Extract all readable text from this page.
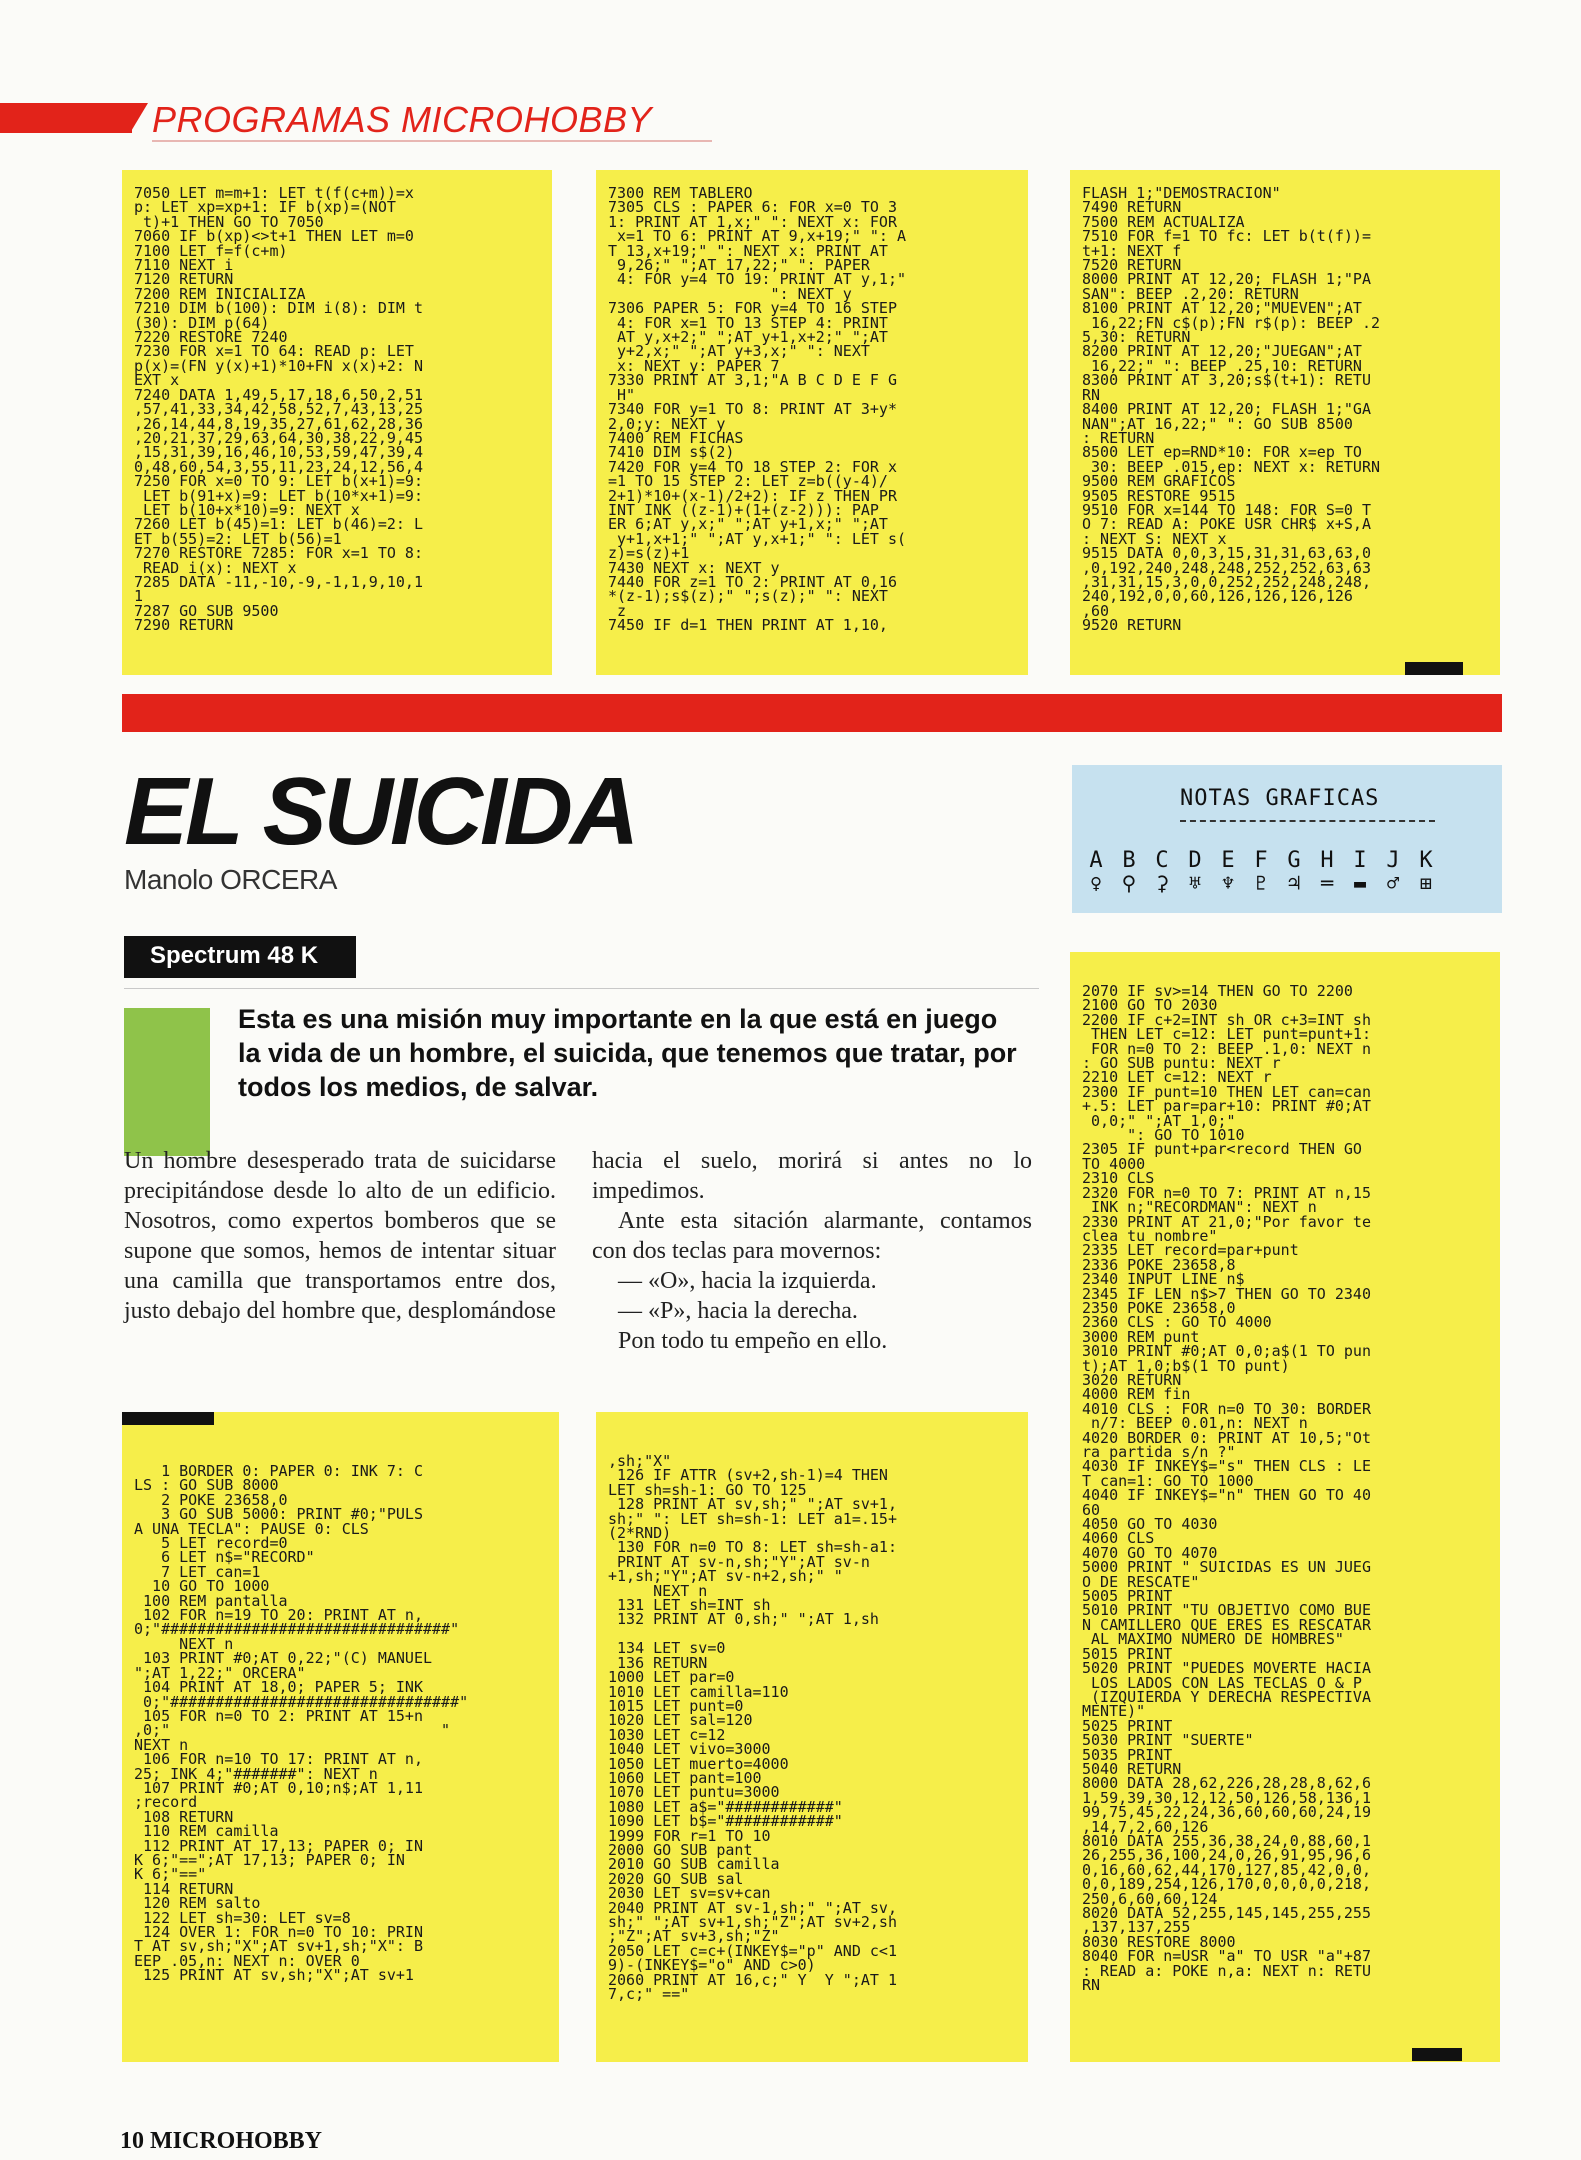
PROGRAMAS MICROHOBBY
7050 LET m=m+1: LET t(f(c+m))=x
p: LET xp=xp+1: IF b(xp)=(NOT
t)+1 THEN GO TO 7050
7060 IF b(xp)<>t+1 THEN LET m=0
7100 LET f=f(c+m)
7110 NEXT i
7120 RETURN
7200 REM INICIALIZA
7210 DIM b(100): DIM i(8): DIM t
(30): DIM p(64)
7220 RESTORE 7240
7230 FOR x=1 TO 64: READ p: LET
p(x)=(FN y(x)+1)*10+FN x(x)+2: N
EXT x
7240 DATA 1,49,5,17,18,6,50,2,51
,57,41,33,34,42,58,52,7,43,13,25
,26,14,44,8,19,35,27,61,62,28,36
,20,21,37,29,63,64,30,38,22,9,45
,15,31,39,16,46,10,53,59,47,39,4
0,48,60,54,3,55,11,23,24,12,56,4
7250 FOR x=0 TO 9: LET b(x+1)=9:
LET b(91+x)=9: LET b(10*x+1)=9:
LET b(10+x*10)=9: NEXT x
7260 LET b(45)=1: LET b(46)=2: L
ET b(55)=2: LET b(56)=1
7270 RESTORE 7285: FOR x=1 TO 8:
READ i(x): NEXT x
7285 DATA -11,-10,-9,-1,1,9,10,1
1
7287 GO SUB 9500
7290 RETURN
7300 REM TABLERO
7305 CLS : PAPER 6: FOR x=0 TO 3
1: PRINT AT 1,x;" ": NEXT x: FOR
x=1 TO 6: PRINT AT 9,x+19;" ": A
T 13,x+19;" ": NEXT x: PRINT AT
9,26;" ";AT 17,22;" ": PAPER
4: FOR y=4 TO 19: PRINT AT y,1;"
": NEXT y
7306 PAPER 5: FOR y=4 TO 16 STEP
4: FOR x=1 TO 13 STEP 4: PRINT
AT y,x+2;" ";AT y+1,x+2;" ";AT
y+2,x;" ";AT y+3,x;" ": NEXT
x: NEXT y: PAPER 7
7330 PRINT AT 3,1;"A B C D E F G
H"
7340 FOR y=1 TO 8: PRINT AT 3+y*
2,0;y: NEXT y
7400 REM FICHAS
7410 DIM s$(2)
7420 FOR y=4 TO 18 STEP 2: FOR x
=1 TO 15 STEP 2: LET z=b((y-4)/
2+1)*10+(x-1)/2+2): IF z THEN PR
INT INK ((z-1)+(1+(z-2))): PAP
ER 6;AT y,x;" ";AT y+1,x;" ";AT
y+1,x+1;" ";AT y,x+1;" ": LET s(
z)=s(z)+1
7430 NEXT x: NEXT y
7440 FOR z=1 TO 2: PRINT AT 0,16
*(z-1);s$(z);" ";s(z);" ": NEXT
z
7450 IF d=1 THEN PRINT AT 1,10,
FLASH 1;"DEMOSTRACION"
7490 RETURN
7500 REM ACTUALIZA
7510 FOR f=1 TO fc: LET b(t(f))=
t+1: NEXT f
7520 RETURN
8000 PRINT AT 12,20; FLASH 1;"PA
SAN": BEEP .2,20: RETURN
8100 PRINT AT 12,20;"MUEVEN";AT
16,22;FN c$(p);FN r$(p): BEEP .2
5,30: RETURN
8200 PRINT AT 12,20;"JUEGAN";AT
16,22;" ": BEEP .25,10: RETURN
8300 PRINT AT 3,20;s$(t+1): RETU
RN
8400 PRINT AT 12,20; FLASH 1;"GA
NAN";AT 16,22;" ": GO SUB 8500
: RETURN
8500 LET ep=RND*10: FOR x=ep TO
30: BEEP .015,ep: NEXT x: RETURN
9500 REM GRAFICOS
9505 RESTORE 9515
9510 FOR x=144 TO 148: FOR S=0 T
O 7: READ A: POKE USR CHR$ x+S,A
: NEXT S: NEXT x
9515 DATA 0,0,3,15,31,31,63,63,0
,0,192,240,248,248,252,252,63,63
,31,31,15,3,0,0,252,252,248,248,
240,192,0,0,60,126,126,126,126
,60
9520 RETURN
EL SUICIDA
Manolo ORCERA
NOTAS GRAFICAS
A
♀
B
⚲
C
⚳
D
♅
E
♆
F
♇
G
♃
H
═
I
▬
J
♂
K
⊞
Spectrum 48 K
Esta es una misión muy importante en la que está en juego la vida de un hombre, el suicida, que tenemos que tratar, por todos los medios, de salvar.
Un hombre desesperado trata de suicidarse precipitándose desde lo alto de un edificio. Nosotros, como expertos bomberos que se supone que somos, hemos de intentar situar una camilla que transportamos entre dos, justo debajo del hombre que, desplomándose

hacia el suelo, morirá si antes no lo impedimos.

Ante esta sitación alarmante, contamos con dos teclas para movernos:

— «O», hacia la izquierda.

— «P», hacia la derecha.

Pon todo tu empeño en ello.

1 BORDER 0: PAPER 0: INK 7: C
LS : GO SUB 8000
2 POKE 23658,0
3 GO SUB 5000: PRINT #0;"PULS
A UNA TECLA": PAUSE 0: CLS
5 LET record=0
6 LET n$="RECORD"
7 LET can=1
10 GO TO 1000
100 REM pantalla
102 FOR n=19 TO 20: PRINT AT n,
0;"################################"
NEXT n
103 PRINT #0;AT 0,22;"(C) MANUEL
";AT 1,22;" ORCERA"
104 PRINT AT 18,0; PAPER 5; INK
0;"################################"
105 FOR n=0 TO 2: PRINT AT 15+n
,0;"                              "
NEXT n
106 FOR n=10 TO 17: PRINT AT n,
25; INK 4;"#######": NEXT n
107 PRINT #0;AT 0,10;n$;AT 1,11
;record
108 RETURN
110 REM camilla
112 PRINT AT 17,13; PAPER 0; IN
K 6;"==";AT 17,13; PAPER 0; IN
K 6;"=="
114 RETURN
120 REM salto
122 LET sh=30: LET sv=8
124 OVER 1: FOR n=0 TO 10: PRIN
T AT sv,sh;"X";AT sv+1,sh;"X": B
EEP .05,n: NEXT n: OVER 0
125 PRINT AT sv,sh;"X";AT sv+1
,sh;"X"
126 IF ATTR (sv+2,sh-1)=4 THEN
LET sh=sh-1: GO TO 125
128 PRINT AT sv,sh;" ";AT sv+1,
sh;" ": LET sh=sh-1: LET a1=.15+
(2*RND)
130 FOR n=0 TO 8: LET sh=sh-a1:
PRINT AT sv-n,sh;"Y";AT sv-n
+1,sh;"Y";AT sv-n+2,sh;" "
NEXT n
131 LET sh=INT sh
132 PRINT AT 0,sh;" ";AT 1,sh

134 LET sv=0
136 RETURN
1000 LET par=0
1010 LET camilla=110
1015 LET punt=0
1020 LET sal=120
1030 LET c=12
1040 LET vivo=3000
1050 LET muerto=4000
1060 LET pant=100
1070 LET puntu=3000
1080 LET a$="############"
1090 LET b$="############"
1999 FOR r=1 TO 10
2000 GO SUB pant
2010 GO SUB camilla
2020 GO SUB sal
2030 LET sv=sv+can
2040 PRINT AT sv-1,sh;" ";AT sv,
sh;" ";AT sv+1,sh;"Z";AT sv+2,sh
;"Z";AT sv+3,sh;"Z"
2050 LET c=c+(INKEY$="p" AND c<1
9)-(INKEY$="o" AND c>0)
2060 PRINT AT 16,c;" Y  Y ";AT 1
7,c;" =="
2070 IF sv>=14 THEN GO TO 2200
2100 GO TO 2030
2200 IF c+2=INT sh OR c+3=INT sh
THEN LET c=12: LET punt=punt+1:
FOR n=0 TO 2: BEEP .1,0: NEXT n
: GO SUB puntu: NEXT r
2210 LET c=12: NEXT r
2300 IF punt=10 THEN LET can=can
+.5: LET par=par+10: PRINT #0;AT
0,0;" ";AT 1,0;"
": GO TO 1010
2305 IF punt+par<record THEN GO
TO 4000
2310 CLS
2320 FOR n=0 TO 7: PRINT AT n,15
INK n;"RECORDMAN": NEXT n
2330 PRINT AT 21,0;"Por favor te
clea tu nombre"
2335 LET record=par+punt
2336 POKE 23658,8
2340 INPUT LINE n$
2345 IF LEN n$>7 THEN GO TO 2340
2350 POKE 23658,0
2360 CLS : GO TO 4000
3000 REM punt
3010 PRINT #0;AT 0,0;a$(1 TO pun
t);AT 1,0;b$(1 TO punt)
3020 RETURN
4000 REM fin
4010 CLS : FOR n=0 TO 30: BORDER
n/7: BEEP 0.01,n: NEXT n
4020 BORDER 0: PRINT AT 10,5;"Ot
ra partida s/n ?"
4030 IF INKEY$="s" THEN CLS : LE
T can=1: GO TO 1000
4040 IF INKEY$="n" THEN GO TO 40
60
4050 GO TO 4030
4060 CLS
4070 GO TO 4070
5000 PRINT " SUICIDAS ES UN JUEG
O DE RESCATE"
5005 PRINT
5010 PRINT "TU OBJETIVO COMO BUE
N CAMILLERO QUE ERES ES RESCATAR
AL MAXIMO NUMERO DE HOMBRES"
5015 PRINT
5020 PRINT "PUEDES MOVERTE HACIA
LOS LADOS CON LAS TECLAS O & P
(IZQUIERDA Y DERECHA RESPECTIVA
MENTE)"
5025 PRINT
5030 PRINT "SUERTE"
5035 PRINT
5040 RETURN
8000 DATA 28,62,226,28,28,8,62,6
1,59,39,30,12,12,50,126,58,136,1
99,75,45,22,24,36,60,60,60,24,19
,14,7,2,60,126
8010 DATA 255,36,38,24,0,88,60,1
26,255,36,100,24,0,26,91,95,96,6
0,16,60,62,44,170,127,85,42,0,0,
0,0,189,254,126,170,0,0,0,0,218,
250,6,60,60,124
8020 DATA 52,255,145,145,255,255
,137,137,255
8030 RESTORE 8000
8040 FOR n=USR "a" TO USR "a"+87
: READ a: POKE n,a: NEXT n: RETU
RN
10 MICROHOBBY
